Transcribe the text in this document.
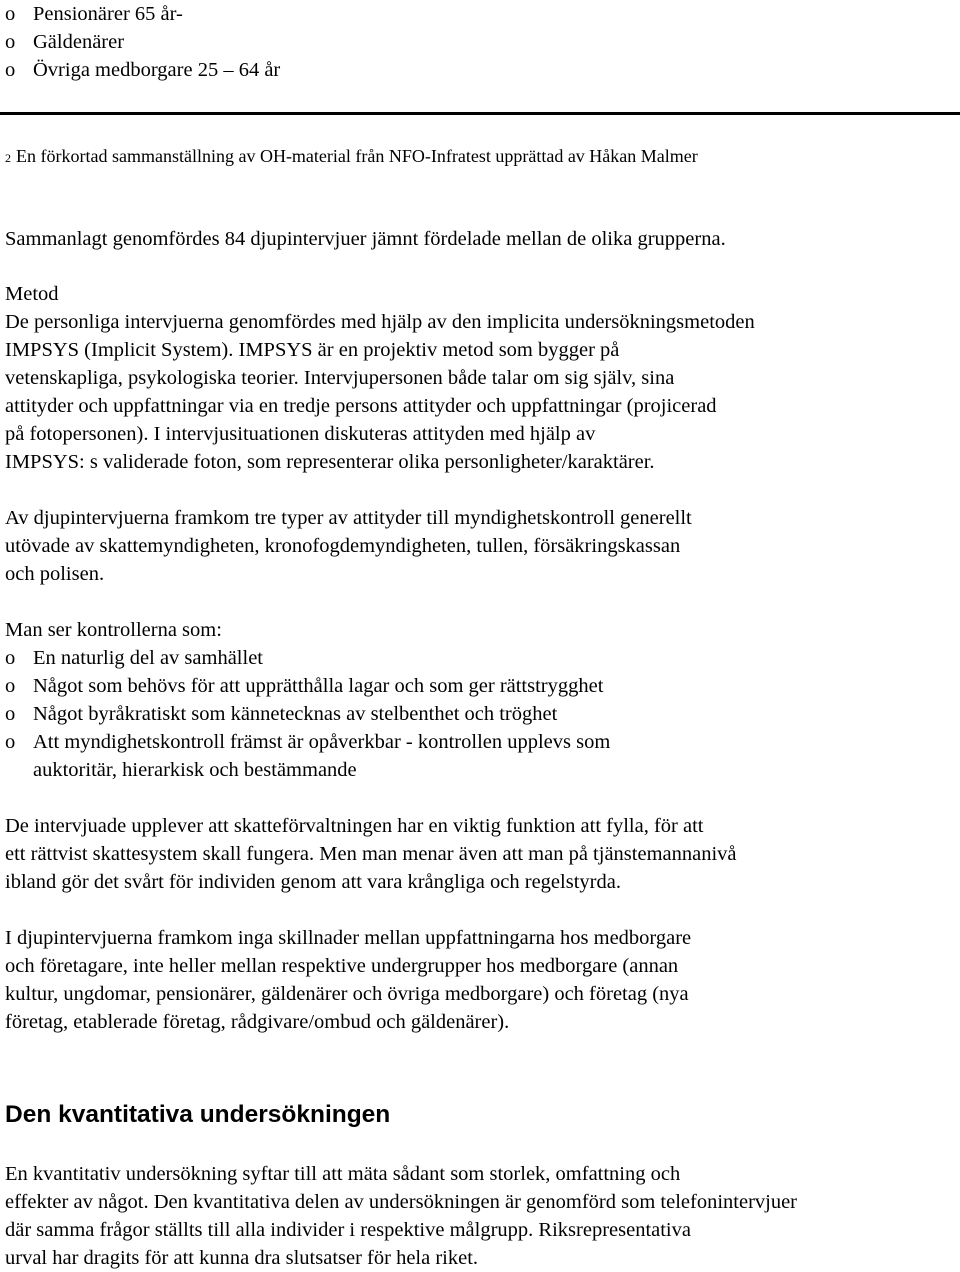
o Pensionärer 65 år-
o Gäldenärer
o Övriga medborgare 25 – 64 år
2 En förkortad sammanställning av OH-material från NFO-Infratest upprättad av Håkan Malmer
Sammanlagt genomfördes 84 djupintervjuer jämnt fördelade mellan de olika grupperna.
Metod
De personliga intervjuerna genomfördes med hjälp av den implicita undersökningsmetoden
IMPSYS (Implicit System). IMPSYS är en projektiv metod som bygger på
vetenskapliga, psykologiska teorier. Intervjupersonen både talar om sig själv, sina
attityder och uppfattningar via en tredje persons attityder och uppfattningar (projicerad
på fotopersonen). I intervjusituationen diskuteras attityden med hjälp av
IMPSYS: s validerade foton, som representerar olika personligheter/karaktärer.
Av djupintervjuerna framkom tre typer av attityder till myndighetskontroll generellt
utövade av skattemyndigheten, kronofogdemyndigheten, tullen, försäkringskassan
och polisen.
Man ser kontrollerna som:
o En naturlig del av samhället
o Något som behövs för att upprätthålla lagar och som ger rättstrygghet
o Något byråkratiskt som kännetecknas av stelbenthet och tröghet
o Att myndighetskontroll främst är opåverkbar - kontrollen upplevs som
auktoritär, hierarkisk och bestämmande
De intervjuade upplever att skatteförvaltningen har en viktig funktion att fylla, för att
ett rättvist skattesystem skall fungera. Men man menar även att man på tjänstemannanivå
ibland gör det svårt för individen genom att vara krångliga och regelstyrda.
I djupintervjuerna framkom inga skillnader mellan uppfattningarna hos medborgare
och företagare, inte heller mellan respektive undergrupper hos medborgare (annan
kultur, ungdomar, pensionärer, gäldenärer och övriga medborgare) och företag (nya
företag, etablerade företag, rådgivare/ombud och gäldenärer).
Den kvantitativa undersökningen
En kvantitativ undersökning syftar till att mäta sådant som storlek, omfattning och
effekter av något. Den kvantitativa delen av undersökningen är genomförd som telefonintervjuer
där samma frågor ställts till alla individer i respektive målgrupp. Riksrepresentativa
urval har dragits för att kunna dra slutsatser för hela riket.
